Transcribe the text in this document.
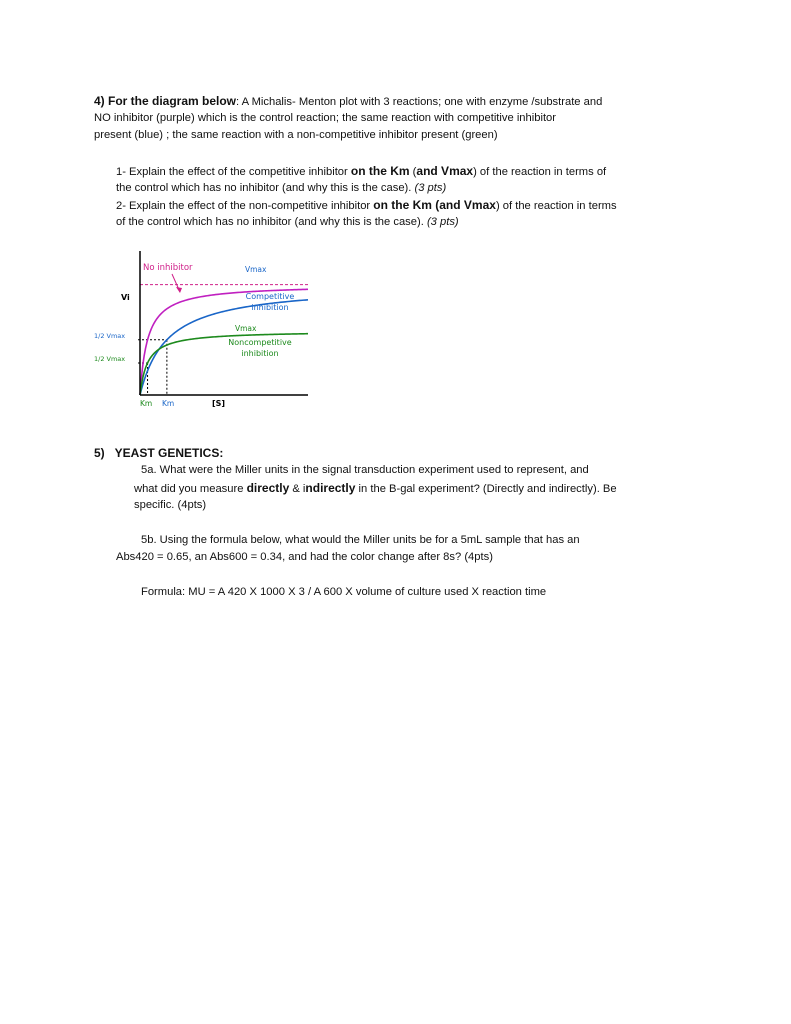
4) For the diagram below: A Michalis- Menton plot with 3 reactions; one with enzyme /substrate and
NO inhibitor (purple) which is the control reaction; the same reaction with competitive inhibitor
present (blue) ; the same reaction with a non-competitive inhibitor present (green)
1- Explain the effect of the competitive inhibitor on the Km (and Vmax) of the reaction in terms of
the control which has no inhibitor (and why this is the case). (3 pts)
2- Explain the effect of the non-competitive inhibitor on the Km (and Vmax) of the reaction in terms
of the control which has no inhibitor (and why this is the case). (3 pts)
No inhibitor	Vmax
Vi	Competitive
inhibition
Vmax
Noncompetitive
inhibition
1/2 Vmax
1/2 Vmax
Km Km	[S]
5) YEAST GENETICS:
5a. What were the Miller units in the signal transduction experiment used to represent, and
what did you measure directly & indirectly in the B-gal experiment? (Directly and indirectly). Be
specific. (4pts)
5b. Using the formula below, what would the Miller units be for a 5mL sample that has an
Abs420 = 0.65, an Abs600 = 0.34, and had the color change after 8s? (4pts)
Formula: MU = A 420 X 1000 X 3 / A 600 X volume of culture used X reaction time
